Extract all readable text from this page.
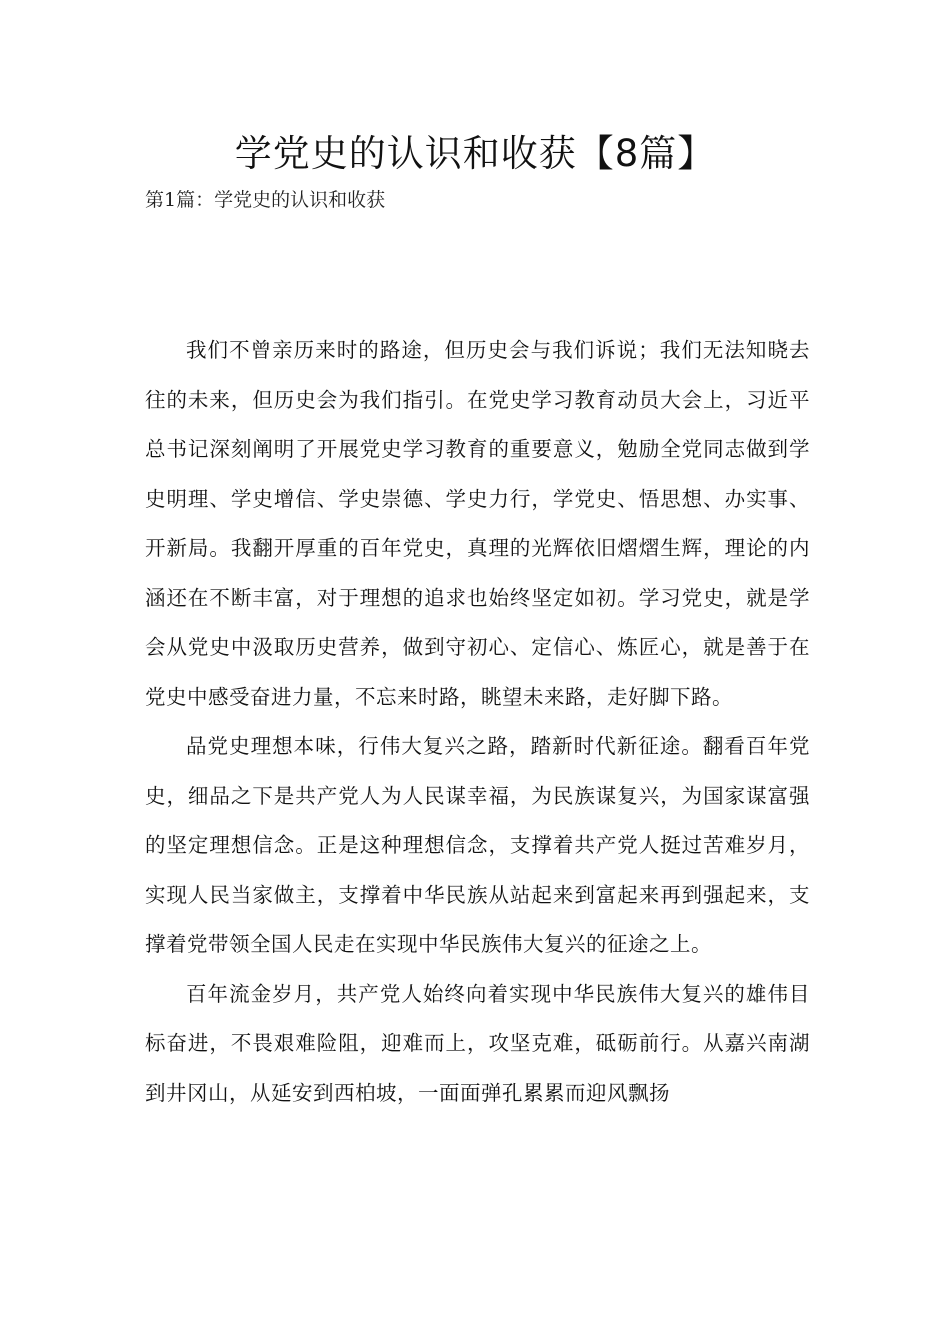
学党史的认识和收获【8篇】
第1篇：学党史的认识和收获

我们不曾亲历来时的路途，但历史会与我们诉说；我们无法知晓去往的未来，但历史会为我们指引。在党史学习教育动员大会上，习近平总书记深刻阐明了开展党史学习教育的重要意义，勉励全党同志做到学史明理、学史增信、学史崇德、学史力行，学党史、悟思想、办实事、开新局。我翻开厚重的百年党史，真理的光辉依旧熠熠生辉，理论的内涵还在不断丰富，对于理想的追求也始终坚定如初。学习党史，就是学会从党史中汲取历史营养，做到守初心、定信心、炼匠心，就是善于在党史中感受奋进力量，不忘来时路，眺望未来路，走好脚下路。

品党史理想本味，行伟大复兴之路，踏新时代新征途。翻看百年党史，细品之下是共产党人为人民谋幸福，为民族谋复兴，为国家谋富强的坚定理想信念。正是这种理想信念，支撑着共产党人挺过苦难岁月，实现人民当家做主，支撑着中华民族从站起来到富起来再到强起来，支撑着党带领全国人民走在实现中华民族伟大复兴的征途之上。

百年流金岁月，共产党人始终向着实现中华民族伟大复兴的雄伟目标奋进，不畏艰难险阻，迎难而上，攻坚克难，砥砺前行。从嘉兴南湖到井冈山，从延安到西柏坡，一面面弹孔累累而迎风飘扬
